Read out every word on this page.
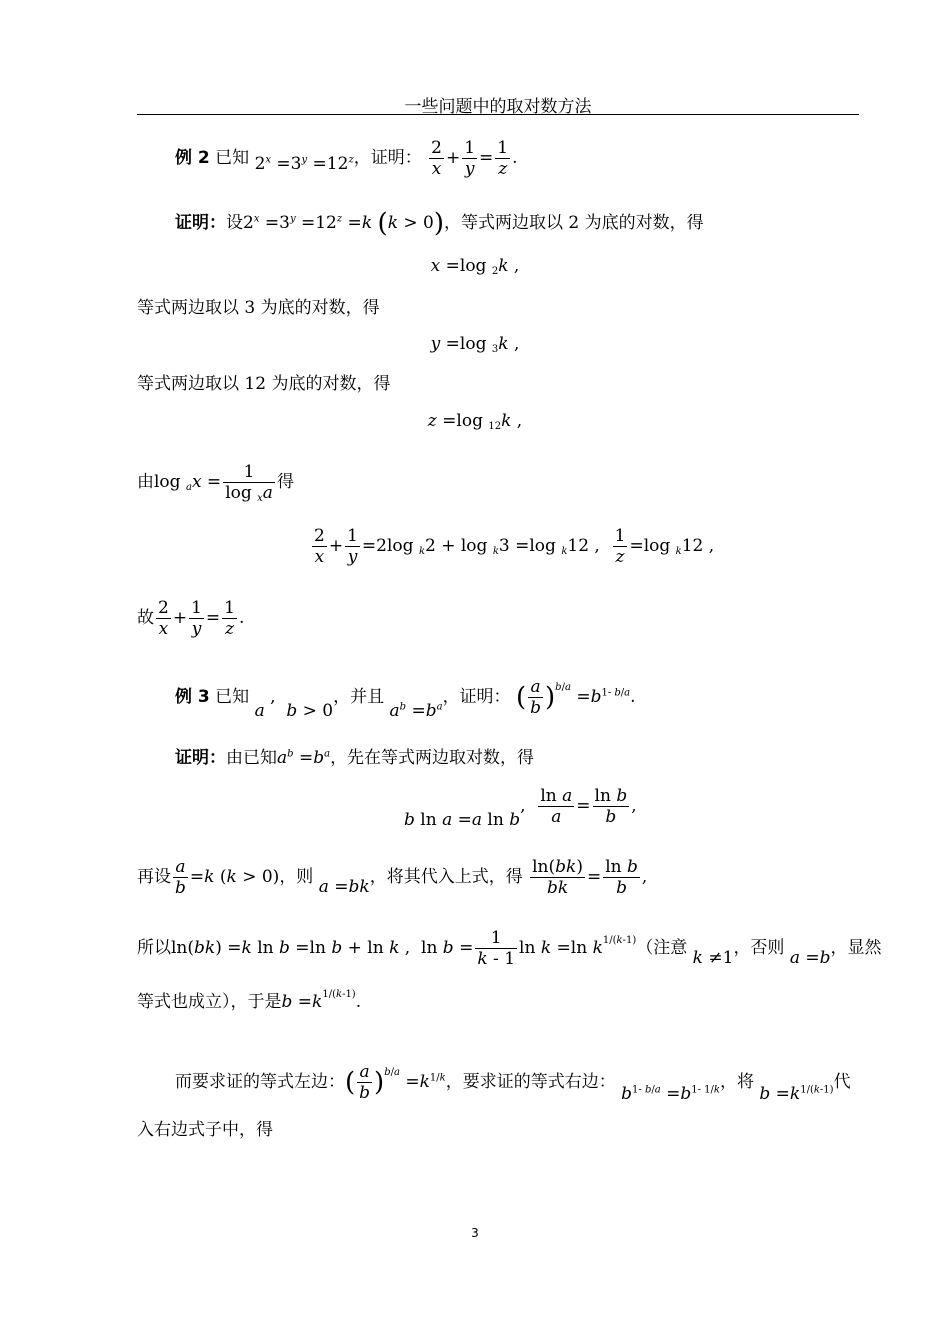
一些问题中的取对数方法
例 2 已知 $2^x =3^y =12^z$，证明： $\frac{2}{x} + \frac{1}{y} = \frac{1}{z}$ .
证明：设$2^x =3^y =12^z =k$ (k > 0)，等式两边取以 2 为底的对数，得
x =log $_2$k ,
等式两边取以 3 为底的对数，得
y =log $_3$k ,
等式两边取以 12 为底的对数，得
z =log $_{12}$k ,
由$\log _ax = \frac{1}{\log _xa}$ 得
$\frac{2}{x} + \frac{1}{y} =2\log$ $_k$2 + log $_k$3 =log $_k$12 , $\frac{1}{z} =\log$ $_k$12 ,
故 $\frac{2}{x} + \frac{1}{y} = \frac{1}{z}$ .
例 3 已知 a ,  b > 0，并且 $a^b =b^a$，证明： ( $\frac{a}{b} )^{b/a} =b^{1- b/a}$.
证明：由已知$a^b =b^a$，先在等式两边取对数，得
b ln a =a ln b, $\frac{\text{ln a}}{a} = \frac{\text{ln b}}{b}$ ,
再设 $\frac{a}{b} =k$ (k > 0)，则 a =bk，将其代入上式，得 $\frac{\ln(bk)}{bk} = \frac{\text{ln b}}{b}$ ,
所以ln(bk) =k ln b =ln b + ln k ,  $\ln b = \frac{1}{k - 1}$ ln k =ln $k^{1/(k-1)}$（注意 k ≠1，否则 a =b，显然
等式也成立），于是$b =k^{1/(k-1)}$.
而要求证的等式左边：( $\frac{a}{b} )^{b/a} =k^{1/k}$，要求证的等式右边： $b^{1- b/a} =b^{1- 1/k}$，将 $b =k^{1/(k-1)}$代
入右边式子中，得
3
